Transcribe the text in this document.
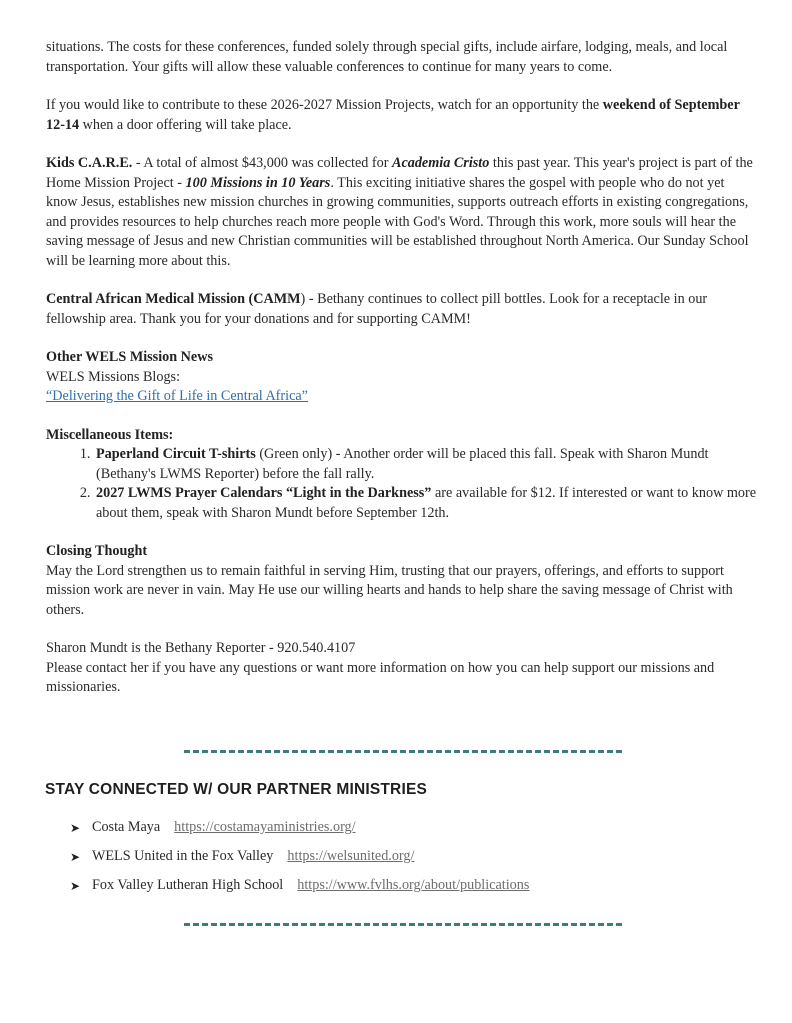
situations. The costs for these conferences, funded solely through special gifts, include airfare, lodging, meals, and local transportation. Your gifts will allow these valuable conferences to continue for many years to come.

If you would like to contribute to these 2026-2027 Mission Projects, watch for an opportunity the weekend of September 12-14 when a door offering will take place.

Kids C.A.R.E. - A total of almost $43,000 was collected for Academia Cristo this past year. This year's project is part of the Home Mission Project - 100 Missions in 10 Years. This exciting initiative shares the gospel with people who do not yet know Jesus, establishes new mission churches in growing communities, supports outreach efforts in existing congregations, and provides resources to help churches reach more people with God's Word. Through this work, more souls will hear the saving message of Jesus and new Christian communities will be established throughout North America. Our Sunday School will be learning more about this.

Central African Medical Mission (CAMM) - Bethany continues to collect pill bottles. Look for a receptacle in our fellowship area. Thank you for your donations and for supporting CAMM!

Other WELS Mission News

WELS Missions Blogs:

“Delivering the Gift of Life in Central Africa”

Miscellaneous Items:

1. Paperland Circuit T-shirts (Green only) - Another order will be placed this fall. Speak with Sharon Mundt (Bethany's LWMS Reporter) before the fall rally.
2. 2027 LWMS Prayer Calendars “Light in the Darkness” are available for $12. If interested or want to know more about them, speak with Sharon Mundt before September 12th.

Closing Thought

May the Lord strengthen us to remain faithful in serving Him, trusting that our prayers, offerings, and efforts to support mission work are never in vain. May He use our willing hearts and hands to help share the saving message of Christ with others.

Sharon Mundt is the Bethany Reporter - 920.540.4107

Please contact her if you have any questions or want more information on how you can help support our missions and missionaries.

STAY CONNECTED W/ OUR PARTNER MINISTRIES
➤ Costa Maya https://costamayaministries.org/
➤ WELS United in the Fox Valley https://welsunited.org/
➤ Fox Valley Lutheran High School https://www.fvlhs.org/about/publications
